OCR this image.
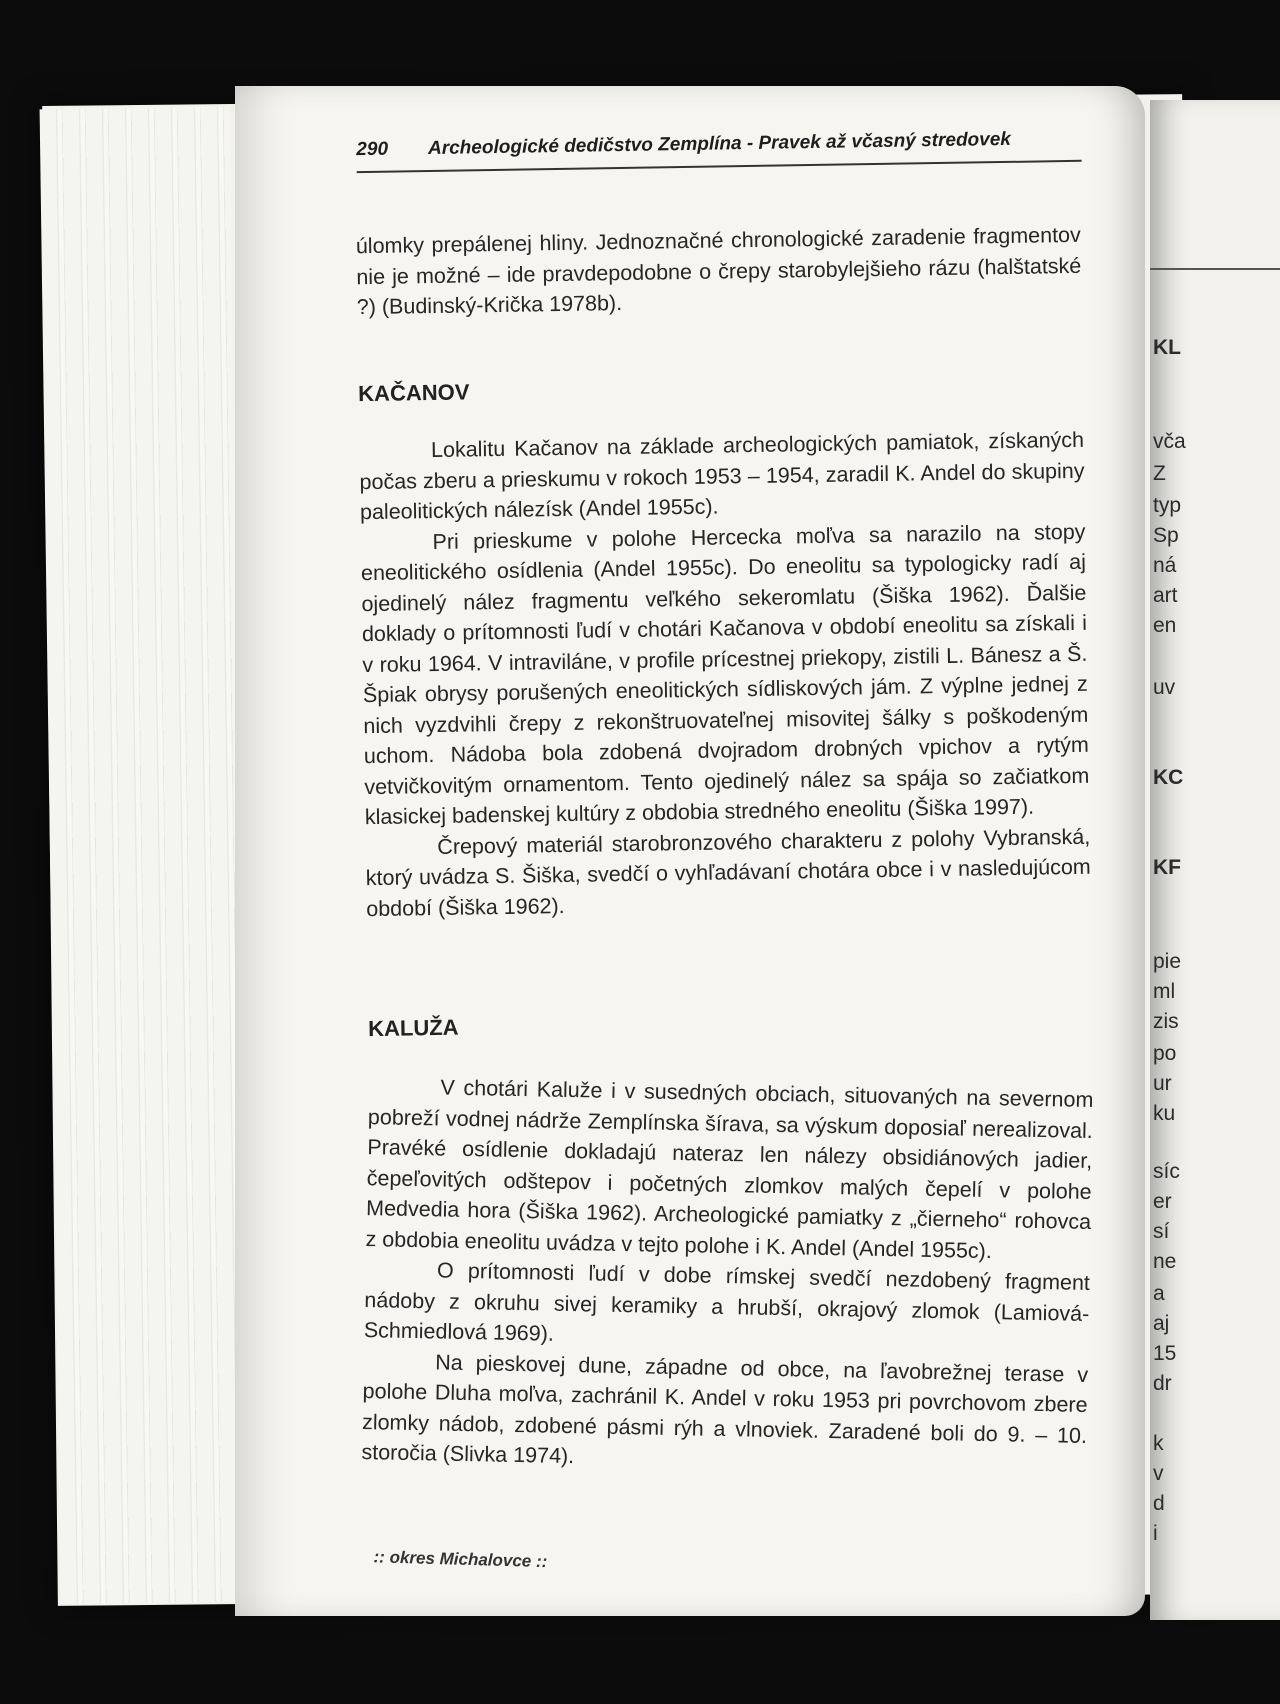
KL
vča
Z
typ
Sp
ná
art
en
uv
KC
KF
pie
ml
zis
po
ur
ku
síc
er
sí
ne
a
aj
15
dr
k
v
d
i
290 Archeologické dedičstvo Zemplína - Pravek až včasný stredovek

úlomky prepálenej hliny. Jednoznačné chronologické zaradenie fragmentov nie je možné – ide pravdepodobne o črepy starobylejšieho rázu (halštatské ?) (Budinský-Krička 1978b).

KAČANOV

Lokalitu Kačanov na základe archeologických pamiatok, získaných počas zberu a prieskumu v rokoch 1953 – 1954, zaradil K. Andel do skupiny paleolitických nálezísk (Andel 1955c).

Pri prieskume v polohe Hercecka moľva sa narazilo na stopy eneolitického osídlenia (Andel 1955c). Do eneolitu sa typologicky radí aj ojedinelý nález fragmentu veľkého sekeromlatu (Šiška 1962). Ďalšie doklady o prítomnosti ľudí v chotári Kačanova v období eneolitu sa získali i v roku 1964. V intraviláne, v profile prícestnej priekopy, zistili L. Bánesz a Š. Špiak obrysy porušených eneolitických sídliskových jám. Z výplne jednej z nich vyzdvihli črepy z rekonštruovateľnej misovitej šálky s poškodeným uchom. Nádoba bola zdobená dvojradom drobných vpichov a rytým vetvičkovitým ornamentom. Tento ojedinelý nález sa spája so začiatkom klasickej badenskej kultúry z obdobia stredného eneolitu (Šiška 1997).

Črepový materiál starobronzového charakteru z polohy Vybranská, ktorý uvádza S. Šiška, svedčí o vyhľadávaní chotára obce i v nasledujúcom období (Šiška 1962).

KALUŽA

V chotári Kalužе i v susedných obciach, situovaných na severnom pobreží vodnej nádrže Zemplínska šírava, sa výskum doposiaľ nerealizoval. Pravéké osídlenie dokladajú nateraz len nálezy obsidiánových jadier, čepeľovitých odštepov i početných zlomkov malých čepelí v polohe Medvedia hora (Šiška 1962). Archeologické pamiatky z „čierneho“ rohovca z obdobia eneolitu uvádza v tejto polohe i K. Andel (Andel 1955c).

O prítomnosti ľudí v dobe rímskej svedčí nezdobený fragment nádoby z okruhu sivej keramiky a hrubší, okrajový zlomok (Lamiová-Schmiedlová 1969).

Na pieskovej dune, západne od obce, na ľavobrežnej terase v polohe Dluha moľva, zachránil K. Andel v roku 1953 pri povrchovom zbere zlomky nádob, zdobené pásmi rýh a vlnoviek. Zaradené boli do 9. – 10. storočia (Slivka 1974).

:: okres Michalovce ::
